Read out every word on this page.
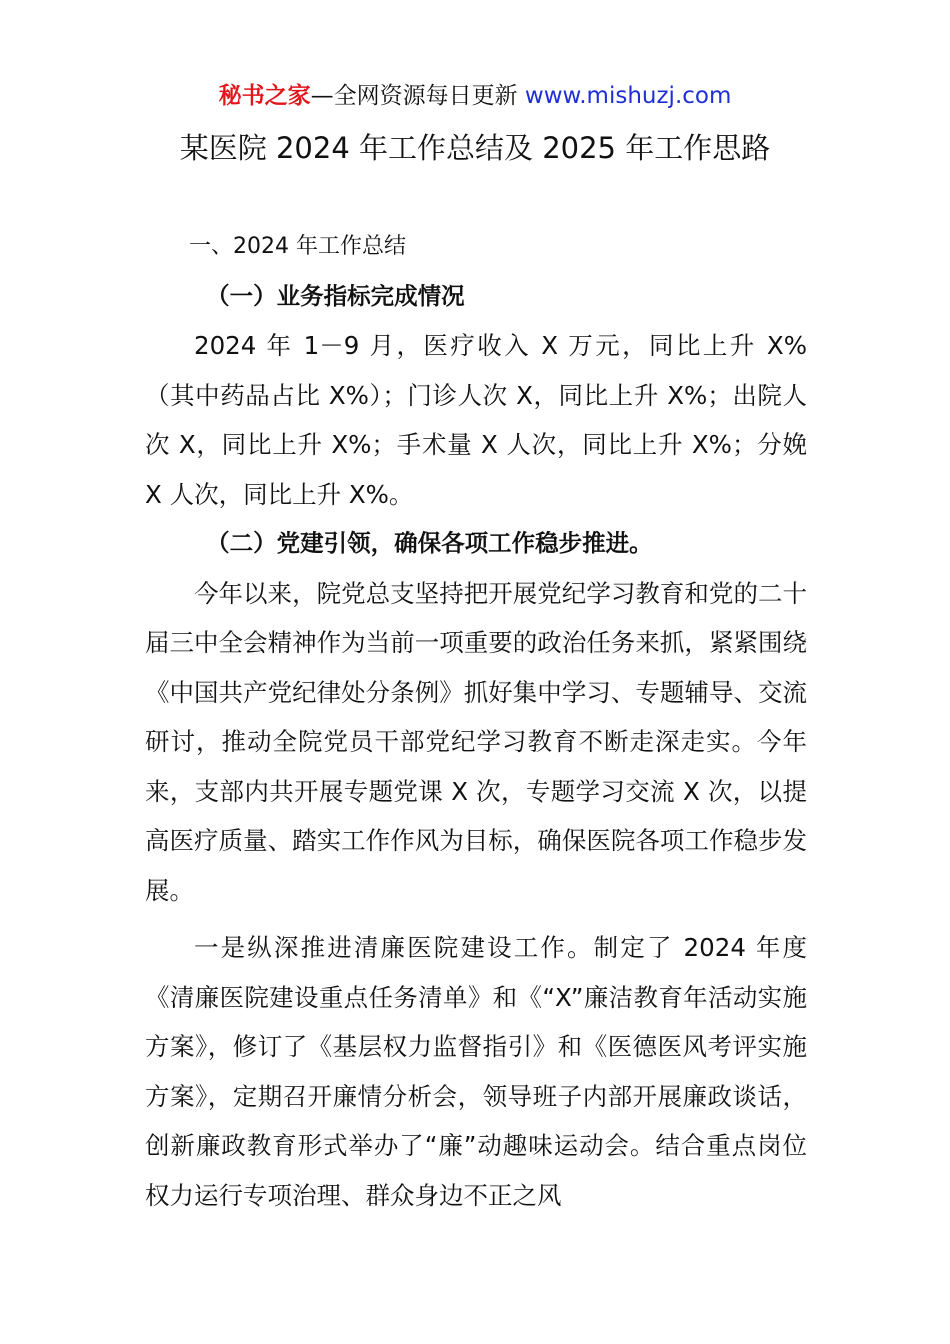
秘书之家—全网资源每日更新 www.mishuzj.com
某医院 2024 年工作总结及 2025 年工作思路

一、2024 年工作总结

（一）业务指标完成情况

2024 年 1－9 月，医疗收入 X 万元，同比上升 X%（其中药品占比 X%）；门诊人次 X，同比上升 X%；出院人次 X，同比上升 X%；手术量 X 人次，同比上升 X%；分娩 X 人次，同比上升 X%。

（二）党建引领，确保各项工作稳步推进。

今年以来，院党总支坚持把开展党纪学习教育和党的二十届三中全会精神作为当前一项重要的政治任务来抓，紧紧围绕《中国共产党纪律处分条例》抓好集中学习、专题辅导、交流研讨，推动全院党员干部党纪学习教育不断走深走实。今年来，支部内共开展专题党课 X 次，专题学习交流 X 次，以提高医疗质量、踏实工作作风为目标，确保医院各项工作稳步发展。

一是纵深推进清廉医院建设工作。制定了 2024 年度《清廉医院建设重点任务清单》和《“X”廉洁教育年活动实施方案》，修订了《基层权力监督指引》和《医德医风考评实施方案》，定期召开廉情分析会，领导班子内部开展廉政谈话，创新廉政教育形式举办了“廉”动趣味运动会。结合重点岗位权力运行专项治理、群众身边不正之风
